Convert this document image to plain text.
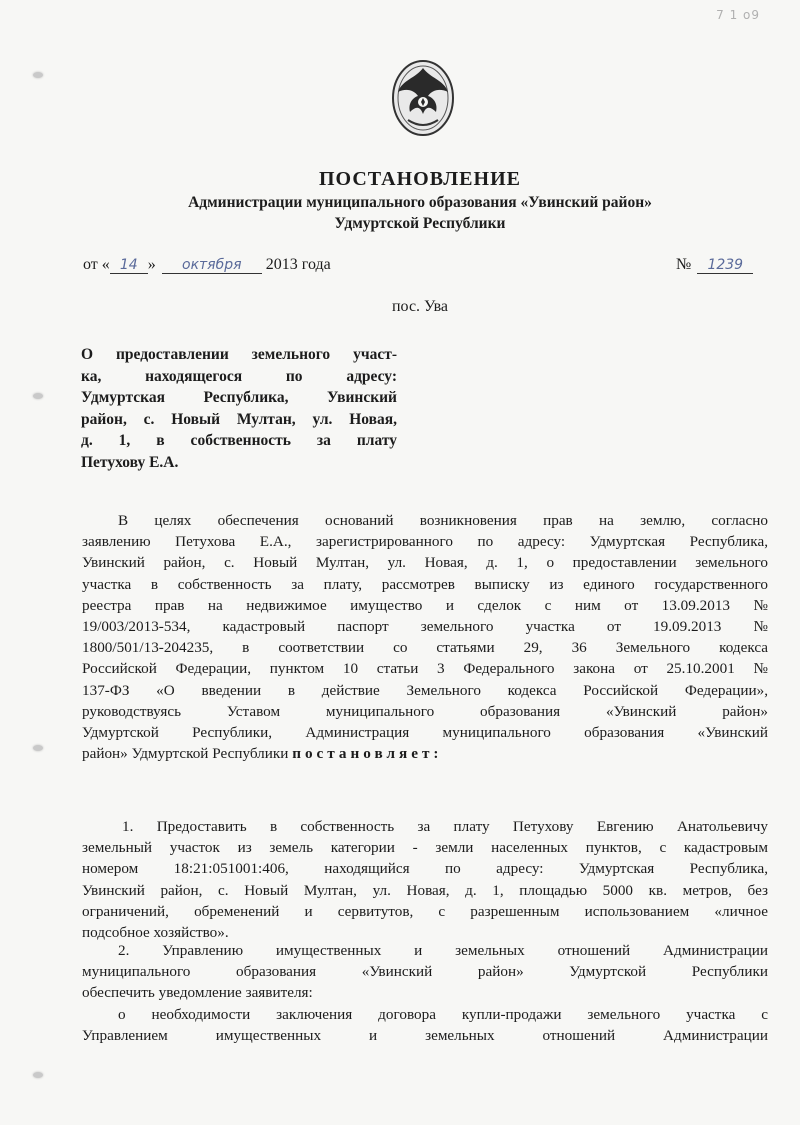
7 1 о9
ПОСТАНОВЛЕНИЕ
Администрации муниципального образования «Увинский район»
Удмуртской Республики
от « 14 » октября 2013 года	№ 1239
пос. Ува
О предоставлении земельного участ-
ка, находящегося по адресу:
Удмуртская Республика, Увинский
район, с. Новый Мултан, ул. Новая,
д. 1, в собственность за плату
Петухову Е.А.
В целях обеспечения оснований возникновения прав на землю, согласно
заявлению Петухова Е.А., зарегистрированного по адресу: Удмуртская Республика,
Увинский район, с. Новый Мултан, ул. Новая, д. 1, о предоставлении земельного
участка в собственность за плату, рассмотрев выписку из единого государственного
реестра прав на недвижимое имущество и сделок с ним от 13.09.2013 №
19/003/2013-534, кадастровый паспорт земельного участка от 19.09.2013 №
1800/501/13-204235, в соответствии со статьями 29, 36 Земельного кодекса
Российской Федерации, пунктом 10 статьи 3 Федерального закона от 25.10.2001 №
137-ФЗ «О введении в действие Земельного кодекса Российской Федерации»,
руководствуясь Уставом муниципального образования «Увинский район»
Удмуртской Республики, Администрация муниципального образования «Увинский
район» Удмуртской Республики постановляет:
1. Предоставить в собственность за плату Петухову Евгению Анатольевичу
земельный участок из земель категории - земли населенных пунктов, с кадастровым
номером 18:21:051001:406, находящийся по адресу: Удмуртская Республика,
Увинский район, с. Новый Мултан, ул. Новая, д. 1, площадью 5000 кв. метров, без
ограничений, обременений и сервитутов, с разрешенным использованием «личное
подсобное хозяйство».
2. Управлению имущественных и земельных отношений Администрации
муниципального образования «Увинский район» Удмуртской Республики
обеспечить уведомление заявителя:
о необходимости заключения договора купли-продажи земельного участка с
Управлением имущественных и земельных отношений Администрации
